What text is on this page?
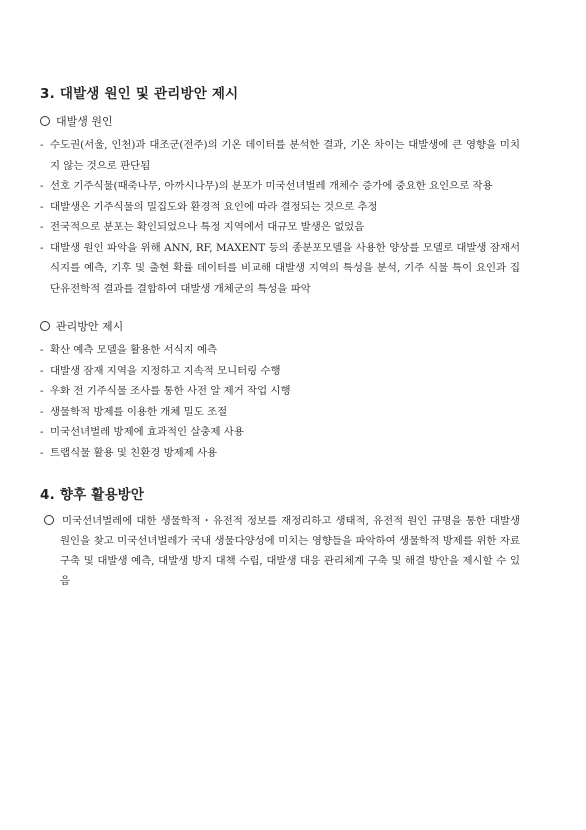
3. 대발생 원인 및 관리방안 제시
대발생 원인
- 수도권(서울, 인천)과 대조군(전주)의 기온 데이터를 분석한 결과, 기온 차이는 대발생에 큰 영향을 미치지 않는 것으로 판단됨
- 선호 기주식물(때죽나무, 아까시나무)의 분포가 미국선녀벌레 개체수 증가에 중요한 요인으로 작용
- 대발생은 기주식물의 밀집도와 환경적 요인에 따라 결정되는 것으로 추정
- 전국적으로 분포는 확인되었으나 특정 지역에서 대규모 발생은 없었음
- 대발생 원인 파악을 위해 ANN, RF, MAXENT 등의 종분포모델을 사용한 양상를 모델로 대발생 잠재서식지를 예측, 기후 및 출현 확률 데이터를 비교해 대발생 지역의 특성을 분석, 기주 식물 특이 요인과 집단유전학적 결과를 결합하여 대발생 개체군의 특성을 파악
관리방안 제시
- 확산 예측 모델을 활용한 서식지 예측
- 대발생 잠재 지역을 지정하고 지속적 모니터링 수행
- 우화 전 기주식물 조사를 통한 사전 알 제거 작업 시행
- 생물학적 방제를 이용한 개체 밀도 조절
- 미국선녀벌레 방제에 효과적인 살충제 사용
- 트랩식물 활용 및 친환경 방제제 사용
4. 향후 활용방안

미국선녀벌레에 대한 생물학적・유전적 정보를 재정리하고 생태적, 유전적 원인 규명을 통한 대발생 원인을 찾고 미국선녀벌레가 국내 생물다양성에 미치는 영향들을 파악하여 생물학적 방제를 위한 자료 구축 및 대발생 예측, 대발생 방지 대책 수립, 대발생 대응 관리체계 구축 및 해결 방안을 제시할 수 있음
